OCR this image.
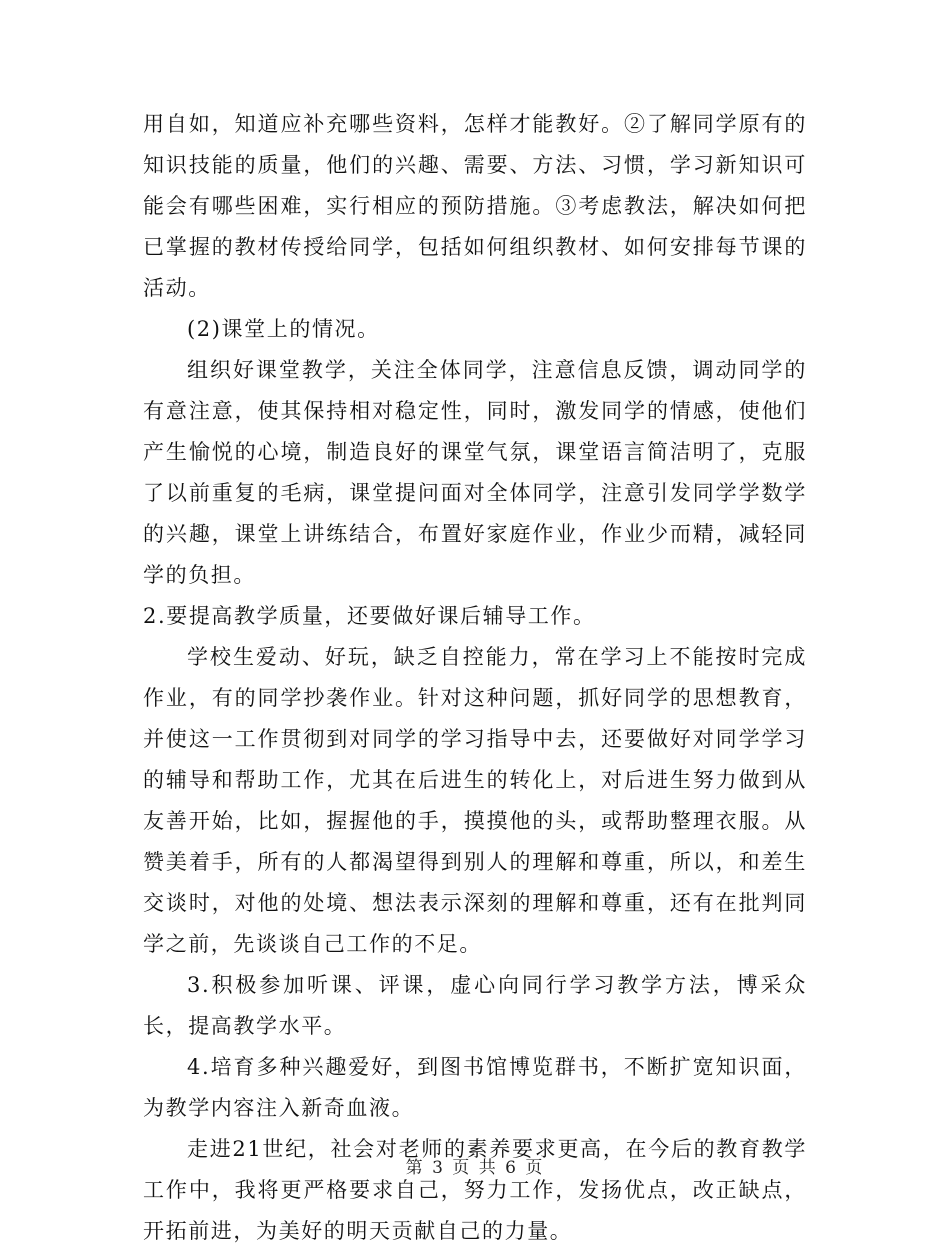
用自如，知道应补充哪些资料，怎样才能教好。②了解同学原有的知识技能的质量，他们的兴趣、需要、方法、习惯，学习新知识可能会有哪些困难，实行相应的预防措施。③考虑教法，解决如何把已掌握的教材传授给同学，包括如何组织教材、如何安排每节课的活动。

(2)课堂上的情况。

组织好课堂教学，关注全体同学，注意信息反馈，调动同学的有意注意，使其保持相对稳定性，同时，激发同学的情感，使他们产生愉悦的心境，制造良好的课堂气氛，课堂语言简洁明了，克服了以前重复的毛病，课堂提问面对全体同学，注意引发同学学数学的兴趣，课堂上讲练结合，布置好家庭作业，作业少而精，减轻同学的负担。

2.要提高教学质量，还要做好课后辅导工作。

学校生爱动、好玩，缺乏自控能力，常在学习上不能按时完成作业，有的同学抄袭作业。针对这种问题，抓好同学的思想教育，并使这一工作贯彻到对同学的学习指导中去，还要做好对同学学习的辅导和帮助工作，尤其在后进生的转化上，对后进生努力做到从友善开始，比如，握握他的手，摸摸他的头，或帮助整理衣服。从赞美着手，所有的人都渴望得到别人的理解和尊重，所以，和差生交谈时，对他的处境、想法表示深刻的理解和尊重，还有在批判同学之前，先谈谈自己工作的不足。

3.积极参加听课、评课，虚心向同行学习教学方法，博采众长，提高教学水平。

4.培育多种兴趣爱好，到图书馆博览群书，不断扩宽知识面，为教学内容注入新奇血液。

走进21世纪，社会对老师的素养要求更高，在今后的教育教学工作中，我将更严格要求自己，努力工作，发扬优点，改正缺点，开拓前进，为美好的明天贡献自己的力量。

第 3 页 共 6 页
